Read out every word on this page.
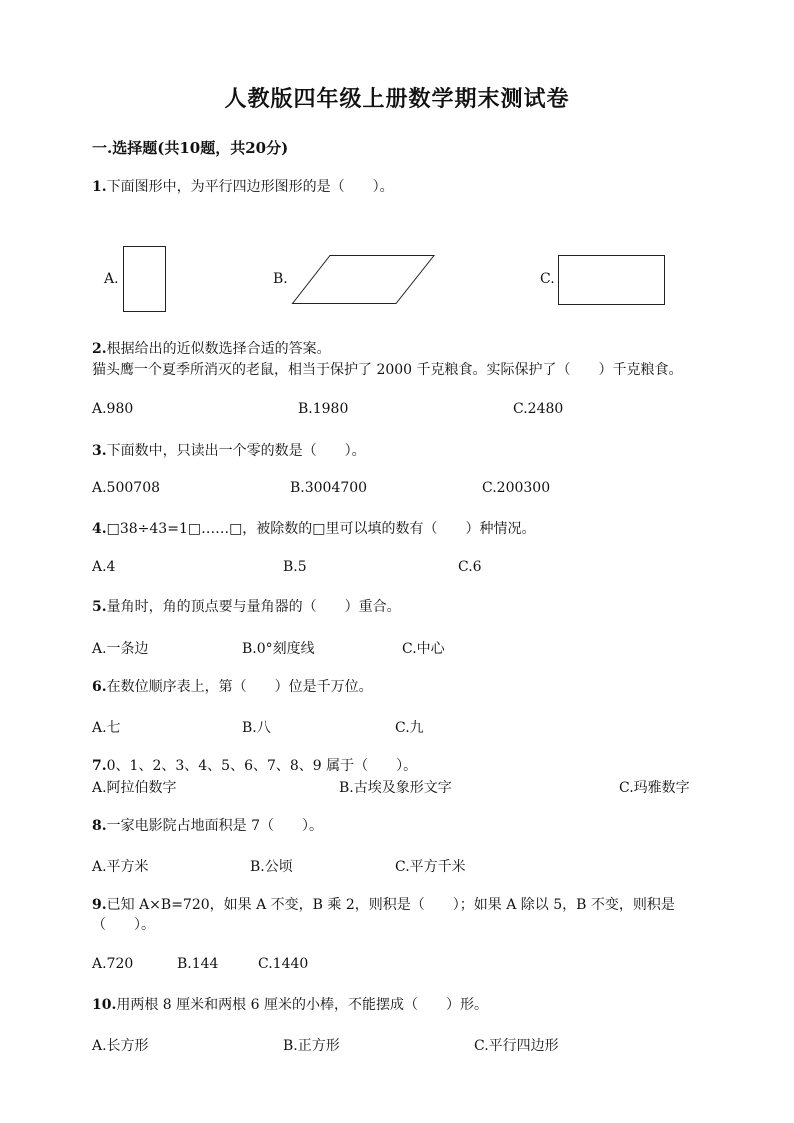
人教版四年级上册数学期末测试卷
一.选择题(共10题，共20分)
1.下面图形中，为平行四边形图形的是（　　）。
A.	B.	C.
2.根据给出的近似数选择合适的答案。
猫头鹰一个夏季所消灭的老鼠，相当于保护了 2000 千克粮食。实际保护了（　　）千克粮食。
A.980	B.1980	C.2480
3.下面数中，只读出一个零的数是（　　）。
A.500708	B.3004700	C.200300
4.□38÷43=1□……□，被除数的□里可以填的数有（　　）种情况。
A.4	B.5	C.6
5.量角时，角的顶点要与量角器的（　　）重合。
A.一条边	B.0°刻度线	C.中心
6.在数位顺序表上，第（　　）位是千万位。
A.七	B.八	C.九
7.0、1、2、3、4、5、6、7、8、9 属于（　　）。
A.阿拉伯数字	B.古埃及象形文字	C.玛雅数字
8.一家电影院占地面积是 7（　　）。
A.平方米	B.公顷	C.平方千米
9.已知 A×B=720，如果 A 不变，B 乘 2，则积是（　　）；如果 A 除以 5，B 不变，则积是（　　）。
A.720	B.144	C.1440
10.用两根 8 厘米和两根 6 厘米的小棒，不能摆成（　　）形。
A.长方形	B.正方形	C.平行四边形
